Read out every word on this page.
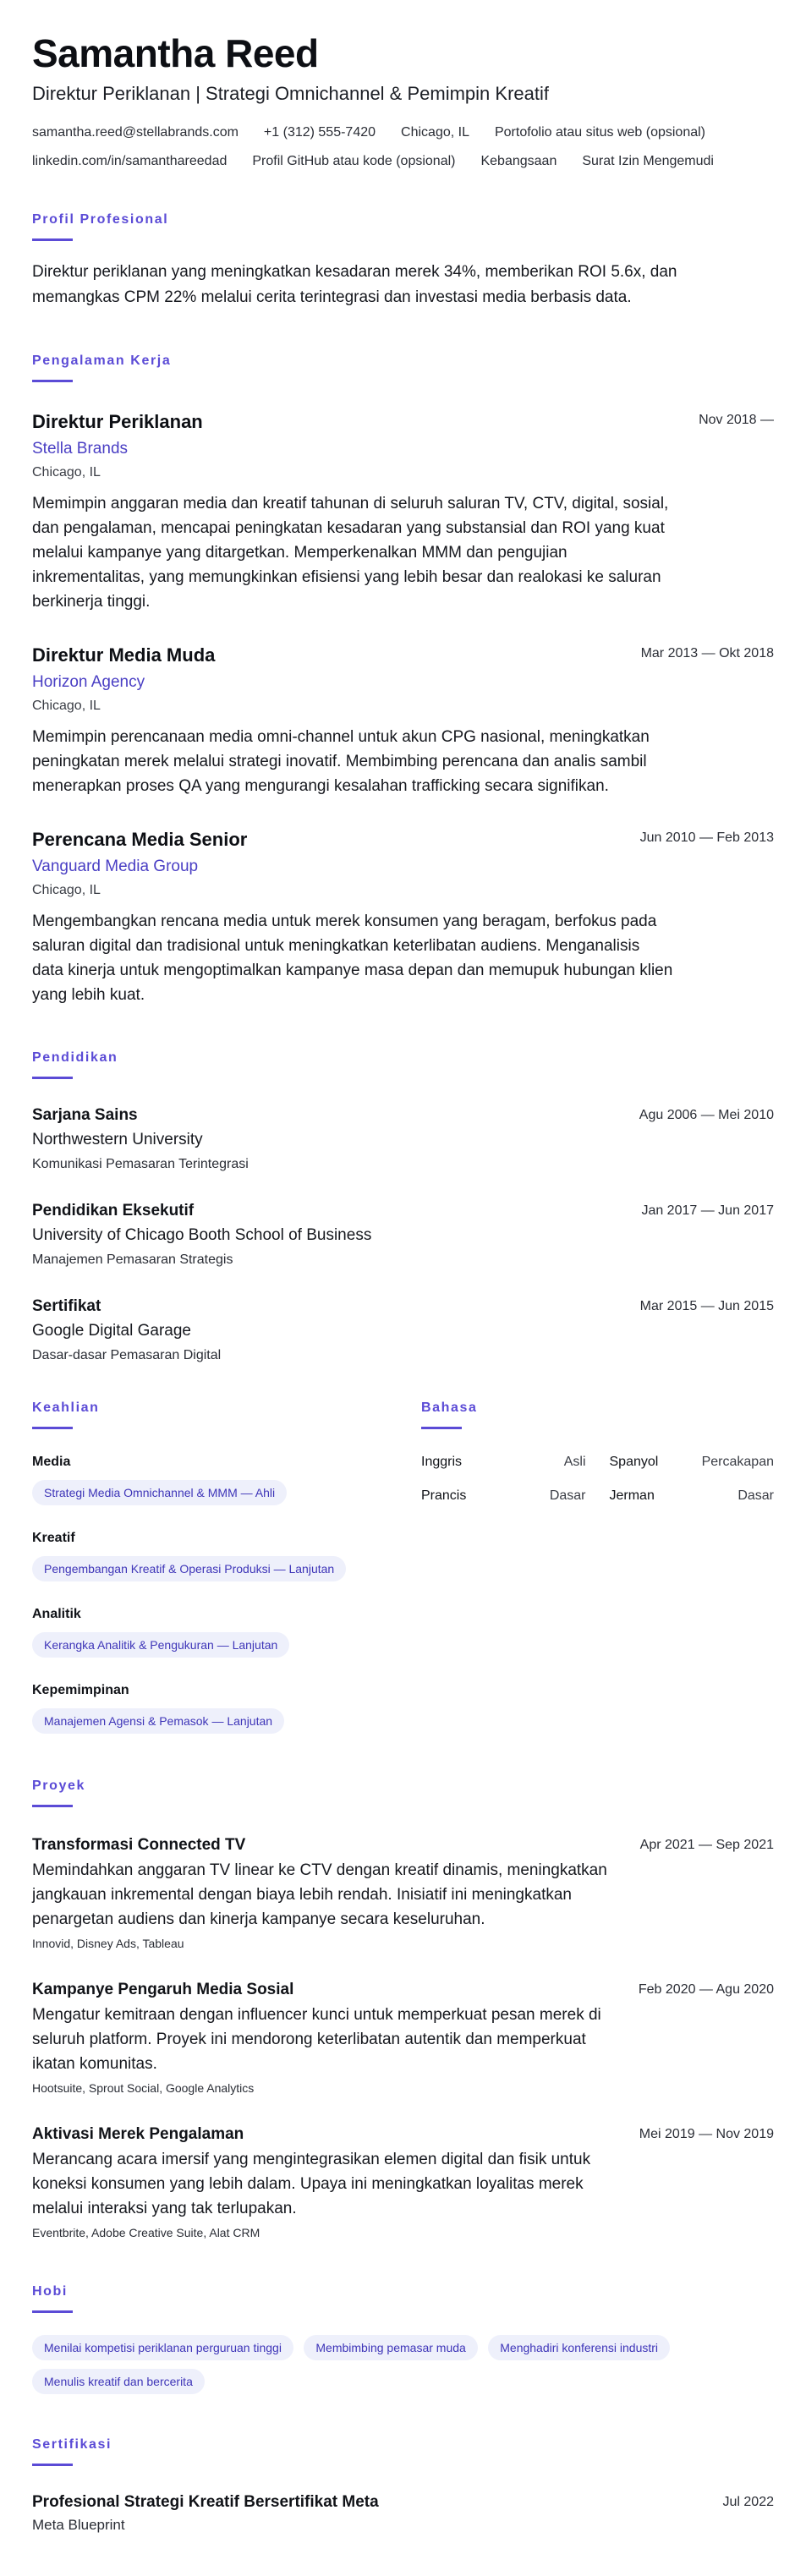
Samantha Reed
Direktur Periklanan | Strategi Omnichannel & Pemimpin Kreatif
samantha.reed@stellabrands.com +1 (312) 555-7420 Chicago, IL Portofolio atau situs web (opsional)
linkedin.com/in/samanthareedad Profil GitHub atau kode (opsional) Kebangsaan Surat Izin Mengemudi
Profil Profesional

Direktur periklanan yang meningkatkan kesadaran merek 34%, memberikan ROI 5.6x, dan memangkas CPM 22% melalui cerita terintegrasi dan investasi media berbasis data.

Pengalaman Kerja
Direktur Periklanan	Nov 2018 —
Stella Brands
Chicago, IL

Memimpin anggaran media dan kreatif tahunan di seluruh saluran TV, CTV, digital, sosial, dan pengalaman, mencapai peningkatan kesadaran yang substansial dan ROI yang kuat melalui kampanye yang ditargetkan. Memperkenalkan MMM dan pengujian inkrementalitas, yang memungkinkan efisiensi yang lebih besar dan realokasi ke saluran berkinerja tinggi.

Direktur Media Muda	Mar 2013 — Okt 2018
Horizon Agency
Chicago, IL

Memimpin perencanaan media omni-channel untuk akun CPG nasional, meningkatkan peningkatan merek melalui strategi inovatif. Membimbing perencana dan analis sambil menerapkan proses QA yang mengurangi kesalahan trafficking secara signifikan.

Perencana Media Senior	Jun 2010 — Feb 2013
Vanguard Media Group
Chicago, IL

Mengembangkan rencana media untuk merek konsumen yang beragam, berfokus pada saluran digital dan tradisional untuk meningkatkan keterlibatan audiens. Menganalisis data kinerja untuk mengoptimalkan kampanye masa depan dan memupuk hubungan klien yang lebih kuat.

Pendidikan
Sarjana Sains	Agu 2006 — Mei 2010
Northwestern University
Komunikasi Pemasaran Terintegrasi
Pendidikan Eksekutif	Jan 2017 — Jun 2017
University of Chicago Booth School of Business
Manajemen Pemasaran Strategis
Sertifikat	Mar 2015 — Jun 2015
Google Digital Garage
Dasar-dasar Pemasaran Digital
Keahlian
Media
Strategi Media Omnichannel & MMM — Ahli
Kreatif
Pengembangan Kreatif & Operasi Produksi — Lanjutan
Analitik
Kerangka Analitik & Pengukuran — Lanjutan
Kepemimpinan
Manajemen Agensi & Pemasok — Lanjutan
Bahasa
Inggris	Asli Spanyol	Percakapan
Prancis	Dasar Jerman	Dasar
Proyek
Transformasi Connected TV	Apr 2021 — Sep 2021

Memindahkan anggaran TV linear ke CTV dengan kreatif dinamis, meningkatkan jangkauan inkremental dengan biaya lebih rendah. Inisiatif ini meningkatkan penargetan audiens dan kinerja kampanye secara keseluruhan.

Innovid, Disney Ads, Tableau
Kampanye Pengaruh Media Sosial	Feb 2020 — Agu 2020

Mengatur kemitraan dengan influencer kunci untuk memperkuat pesan merek di seluruh platform. Proyek ini mendorong keterlibatan autentik dan memperkuat ikatan komunitas.

Hootsuite, Sprout Social, Google Analytics
Aktivasi Merek Pengalaman	Mei 2019 — Nov 2019

Merancang acara imersif yang mengintegrasikan elemen digital dan fisik untuk koneksi konsumen yang lebih dalam. Upaya ini meningkatkan loyalitas merek melalui interaksi yang tak terlupakan.

Eventbrite, Adobe Creative Suite, Alat CRM
Hobi
Menilai kompetisi periklanan perguruan tinggi	Membimbing pemasar muda	Menghadiri konferensi industri Menulis kreatif dan bercerita
Sertifikasi
Profesional Strategi Kreatif Bersertifikat Meta	Jul 2022
Meta Blueprint
